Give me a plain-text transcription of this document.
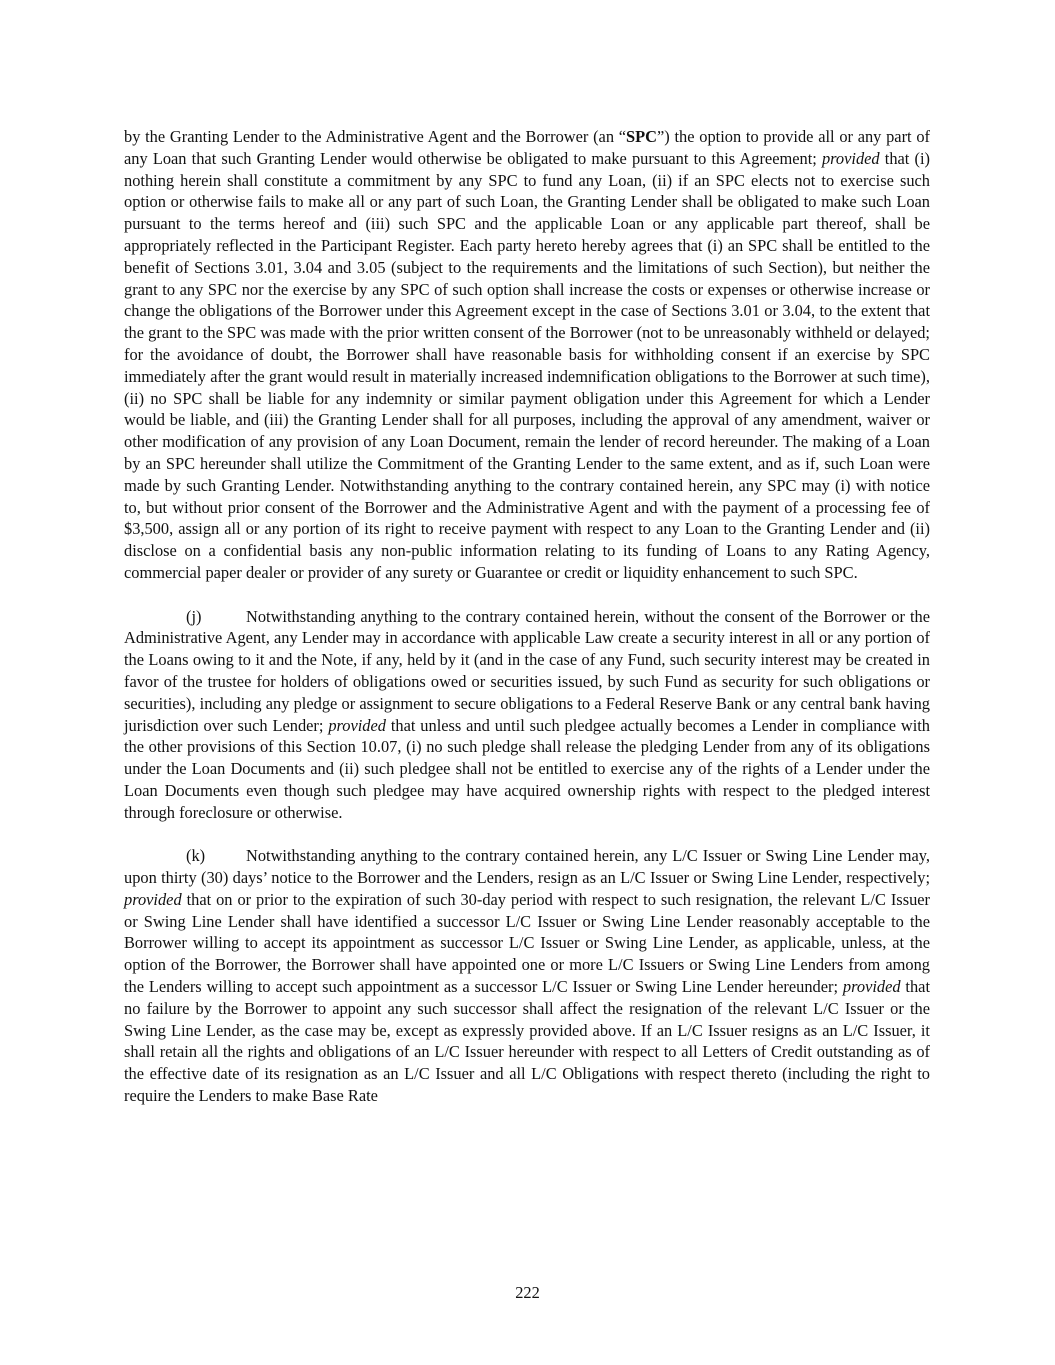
by the Granting Lender to the Administrative Agent and the Borrower (an “SPC”) the option to provide all or any part of any Loan that such Granting Lender would otherwise be obligated to make pursuant to this Agreement; provided that (i) nothing herein shall constitute a commitment by any SPC to fund any Loan, (ii) if an SPC elects not to exercise such option or otherwise fails to make all or any part of such Loan, the Granting Lender shall be obligated to make such Loan pursuant to the terms hereof and (iii) such SPC and the applicable Loan or any applicable part thereof, shall be appropriately reflected in the Participant Register. Each party hereto hereby agrees that (i) an SPC shall be entitled to the benefit of Sections 3.01, 3.04 and 3.05 (subject to the requirements and the limitations of such Section), but neither the grant to any SPC nor the exercise by any SPC of such option shall increase the costs or expenses or otherwise increase or change the obligations of the Borrower under this Agreement except in the case of Sections 3.01 or 3.04, to the extent that the grant to the SPC was made with the prior written consent of the Borrower (not to be unreasonably withheld or delayed; for the avoidance of doubt, the Borrower shall have reasonable basis for withholding consent if an exercise by SPC immediately after the grant would result in materially increased indemnification obligations to the Borrower at such time), (ii) no SPC shall be liable for any indemnity or similar payment obligation under this Agreement for which a Lender would be liable, and (iii) the Granting Lender shall for all purposes, including the approval of any amendment, waiver or other modification of any provision of any Loan Document, remain the lender of record hereunder. The making of a Loan by an SPC hereunder shall utilize the Commitment of the Granting Lender to the same extent, and as if, such Loan were made by such Granting Lender. Notwithstanding anything to the contrary contained herein, any SPC may (i) with notice to, but without prior consent of the Borrower and the Administrative Agent and with the payment of a processing fee of $3,500, assign all or any portion of its right to receive payment with respect to any Loan to the Granting Lender and (ii) disclose on a confidential basis any non-public information relating to its funding of Loans to any Rating Agency, commercial paper dealer or provider of any surety or Guarantee or credit or liquidity enhancement to such SPC.

(j)	Notwithstanding anything to the contrary contained herein, without the consent of the Borrower or the Administrative Agent, any Lender may in accordance with applicable Law create a security interest in all or any portion of the Loans owing to it and the Note, if any, held by it (and in the case of any Fund, such security interest may be created in favor of the trustee for holders of obligations owed or securities issued, by such Fund as security for such obligations or securities), including any pledge or assignment to secure obligations to a Federal Reserve Bank or any central bank having jurisdiction over such Lender; provided that unless and until such pledgee actually becomes a Lender in compliance with the other provisions of this Section 10.07, (i) no such pledge shall release the pledging Lender from any of its obligations under the Loan Documents and (ii) such pledgee shall not be entitled to exercise any of the rights of a Lender under the Loan Documents even though such pledgee may have acquired ownership rights with respect to the pledged interest through foreclosure or otherwise.

(k) Notwithstanding anything to the contrary contained herein, any L/C Issuer or Swing Line Lender may, upon thirty (30) days’ notice to the Borrower and the Lenders, resign as an L/C Issuer or Swing Line Lender, respectively; provided that on or prior to the expiration of such 30-day period with respect to such resignation, the relevant L/C Issuer or Swing Line Lender shall have identified a successor L/C Issuer or Swing Line Lender reasonably acceptable to the Borrower willing to accept its appointment as successor L/C Issuer or Swing Line Lender, as applicable, unless, at the option of the Borrower, the Borrower shall have appointed one or more L/C Issuers or Swing Line Lenders from among the Lenders willing to accept such appointment as a successor L/C Issuer or Swing Line Lender hereunder; provided that no failure by the Borrower to appoint any such successor shall affect the resignation of the relevant L/C Issuer or the Swing Line Lender, as the case may be, except as expressly provided above. If an L/C Issuer resigns as an L/C Issuer, it shall retain all the rights and obligations of an L/C Issuer hereunder with respect to all Letters of Credit outstanding as of the effective date of its resignation as an L/C Issuer and all L/C Obligations with respect thereto (including the right to require the Lenders to make Base Rate

222
